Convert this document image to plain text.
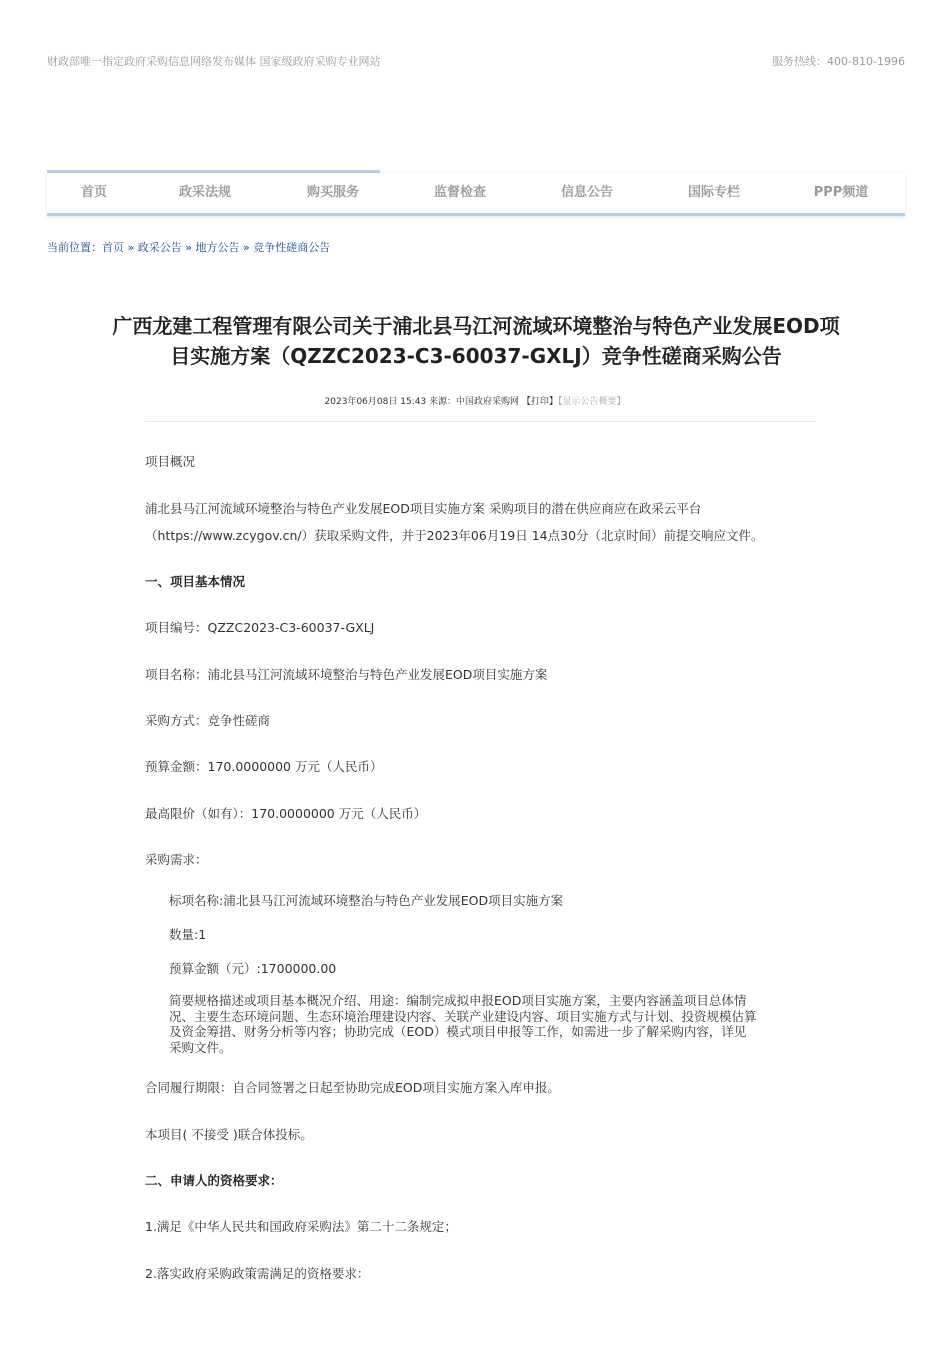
财政部唯一指定政府采购信息网络发布媒体 国家级政府采购专业网站	服务热线：400-810-1996
首页	政采法规	购买服务	监督检查	信息公告	国际专栏	PPP频道
当前位置：首页 » 政采公告 » 地方公告 » 竞争性磋商公告
广西龙建工程管理有限公司关于浦北县马江河流域环境整治与特色产业发展EOD项
目实施方案（QZZC2023-C3-60037-GXLJ）竞争性磋商采购公告
2023年06月08日 15:43 来源：中国政府采购网 【打印】【显示公告概要】
项目概况
浦北县马江河流域环境整治与特色产业发展EOD项目实施方案 采购项目的潜在供应商应在政采云平台
（https://www.zcygov.cn/）获取采购文件，并于2023年06月19日 14点30分（北京时间）前提交响应文件。
一、项目基本情况
项目编号：QZZC2023-C3-60037-GXLJ
项目名称：浦北县马江河流域环境整治与特色产业发展EOD项目实施方案
采购方式：竞争性磋商
预算金额：170.0000000 万元（人民币）
最高限价（如有）：170.0000000 万元（人民币）
采购需求：
标项名称:浦北县马江河流域环境整治与特色产业发展EOD项目实施方案
数量:1
预算金额（元）:1700000.00
简要规格描述或项目基本概况介绍、用途：编制完成拟申报EOD项目实施方案，主要内容涵盖项目总体情
况、主要生态环境问题、生态环境治理建设内容、关联产业建设内容、项目实施方式与计划、投资规模估算
及资金筹措、财务分析等内容；协助完成（EOD）模式项目申报等工作，如需进一步了解采购内容，详见
采购文件。
合同履行期限：自合同签署之日起至协助完成EOD项目实施方案入库申报。
本项目( 不接受 )联合体投标。
二、申请人的资格要求：
1.满足《中华人民共和国政府采购法》第二十二条规定；
2.落实政府采购政策需满足的资格要求：
